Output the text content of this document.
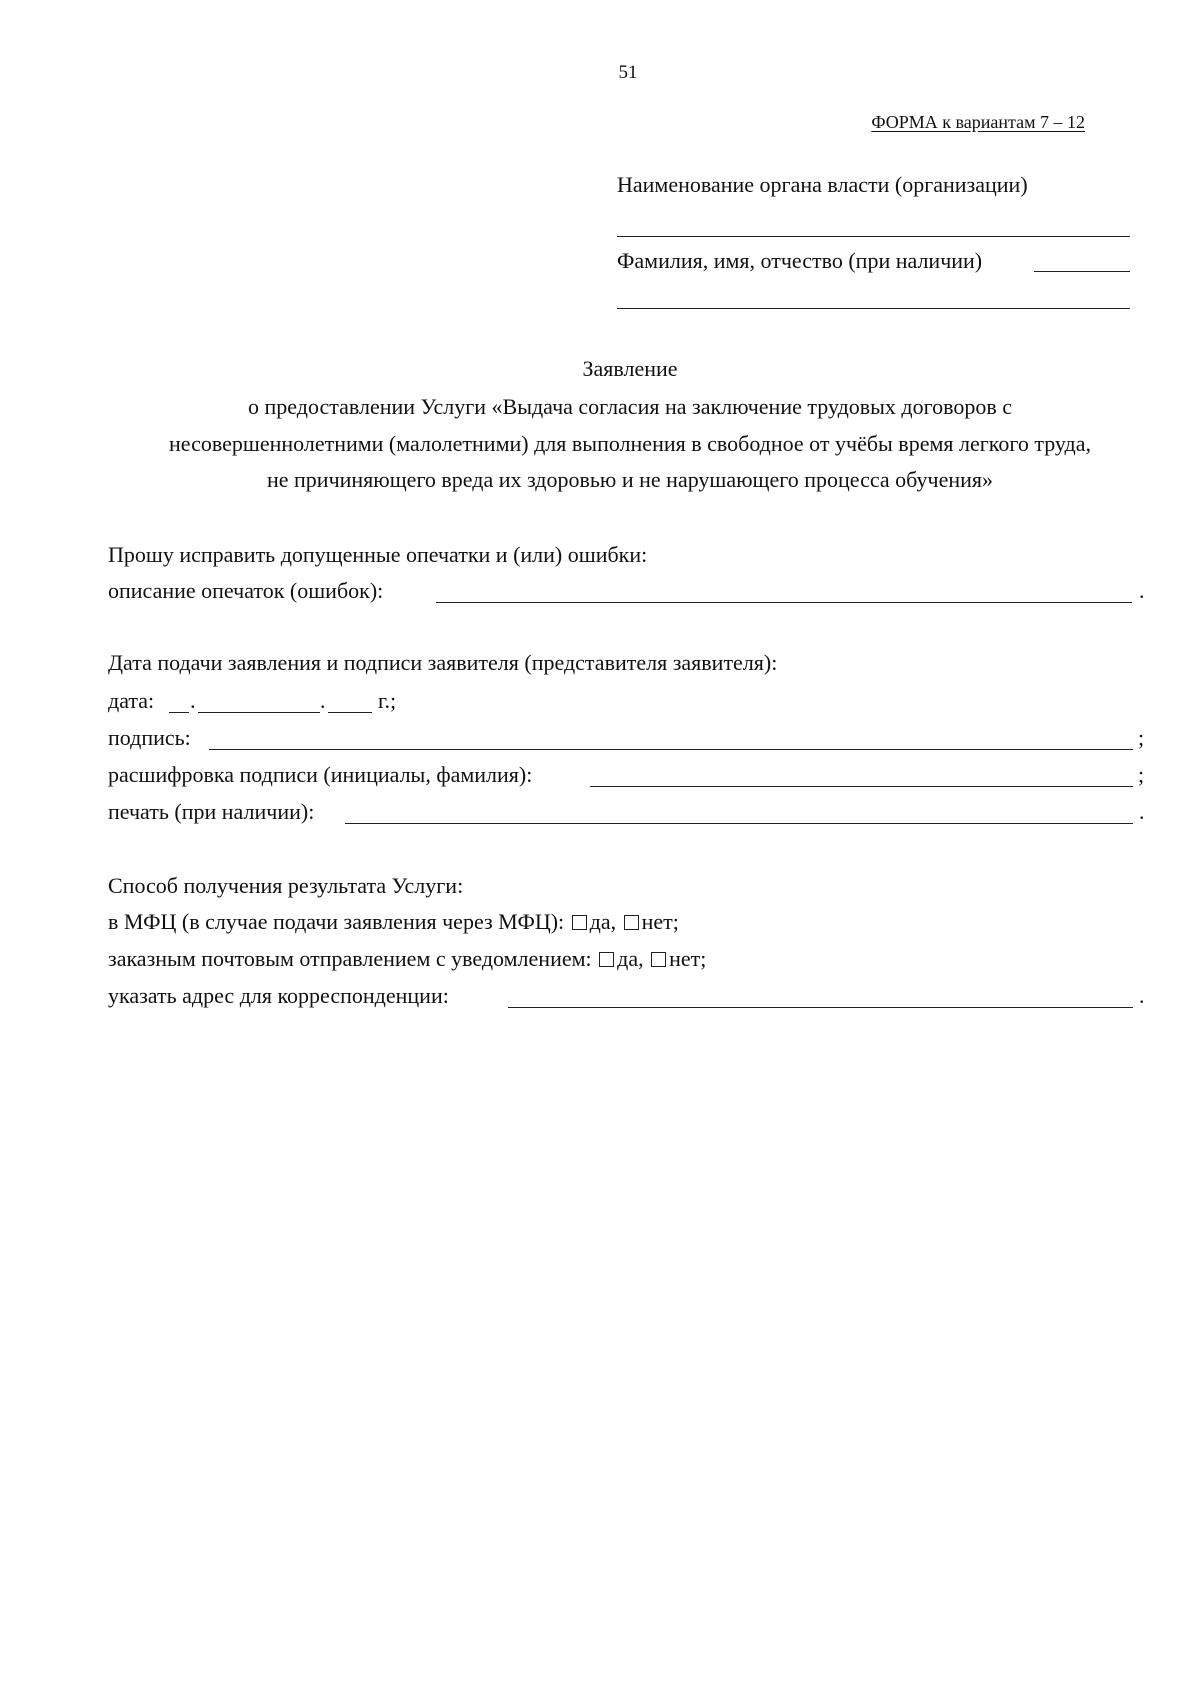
51
ФОРМА к вариантам 7 – 12
Наименование органа власти (организации)
Фамилия, имя, отчество (при наличии)
Заявление
о предоставлении Услуги «Выдача согласия на заключение трудовых договоров с
несовершеннолетними (малолетними) для выполнения в свободное от учёбы время легкого труда,
не причиняющего вреда их здоровью и не нарушающего процесса обучения»
Прошу исправить допущенные опечатки и (или) ошибки:
описание опечаток (ошибок):	.
Дата подачи заявления и подписи заявителя (представителя заявителя):
дата: .	. г.;
подпись:	;
расшифровка подписи (инициалы, фамилия):	;
печать (при наличии):	.
Способ получения результата Услуги:
в МФЦ (в случае подачи заявления через МФЦ): да, нет;
заказным почтовым отправлением с уведомлением: да, нет;
указать адрес для корреспонденции:	.
